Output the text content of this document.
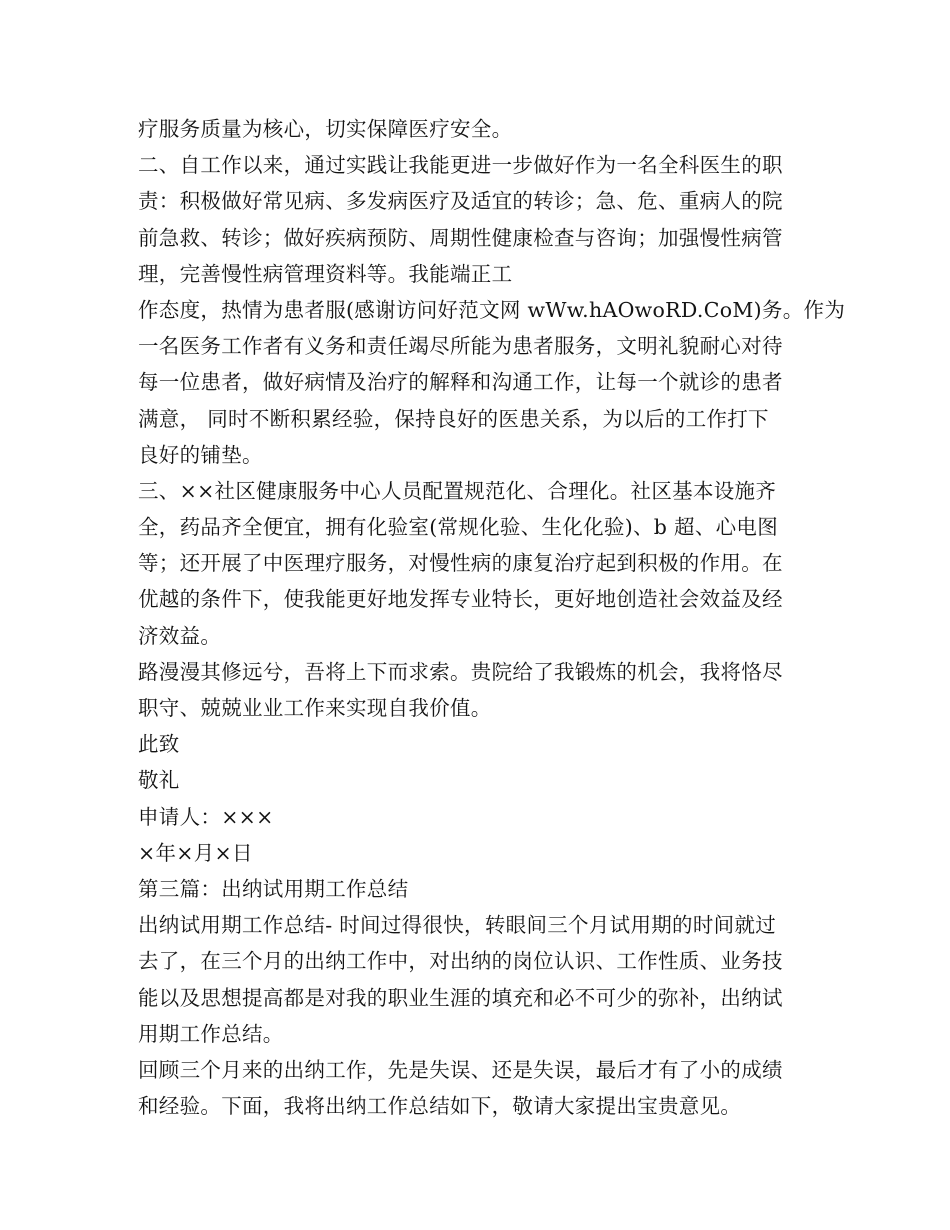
疗服务质量为核心，切实保障医疗安全。
二、自工作以来，通过实践让我能更进一步做好作为一名全科医生的职
责：积极做好常见病、多发病医疗及适宜的转诊；急、危、重病人的院
前急救、转诊；做好疾病预防、周期性健康检查与咨询；加强慢性病管
理，完善慢性病管理资料等。我能端正工
作态度，热情为患者服(感谢访问好范文网 wWw.hAOwoRD.CoM)务。作为
一名医务工作者有义务和责任竭尽所能为患者服务，文明礼貌耐心对待
每一位患者，做好病情及治疗的解释和沟通工作，让每一个就诊的患者
满意， 同时不断积累经验，保持良好的医患关系，为以后的工作打下
良好的铺垫。
三、××社区健康服务中心人员配置规范化、合理化。社区基本设施齐
全，药品齐全便宜，拥有化验室(常规化验、生化化验)、b 超、心电图
等；还开展了中医理疗服务，对慢性病的康复治疗起到积极的作用。在
优越的条件下，使我能更好地发挥专业特长，更好地创造社会效益及经
济效益。
路漫漫其修远兮，吾将上下而求索。贵院给了我锻炼的机会，我将恪尽
职守、兢兢业业工作来实现自我价值。
此致
敬礼
申请人：×××
×年×月×日
第三篇：出纳试用期工作总结
出纳试用期工作总结- 时间过得很快，转眼间三个月试用期的时间就过
去了，在三个月的出纳工作中，对出纳的岗位认识、工作性质、业务技
能以及思想提高都是对我的职业生涯的填充和必不可少的弥补，出纳试
用期工作总结。
回顾三个月来的出纳工作，先是失误、还是失误，最后才有了小的成绩
和经验。下面，我将出纳工作总结如下，敬请大家提出宝贵意见。
